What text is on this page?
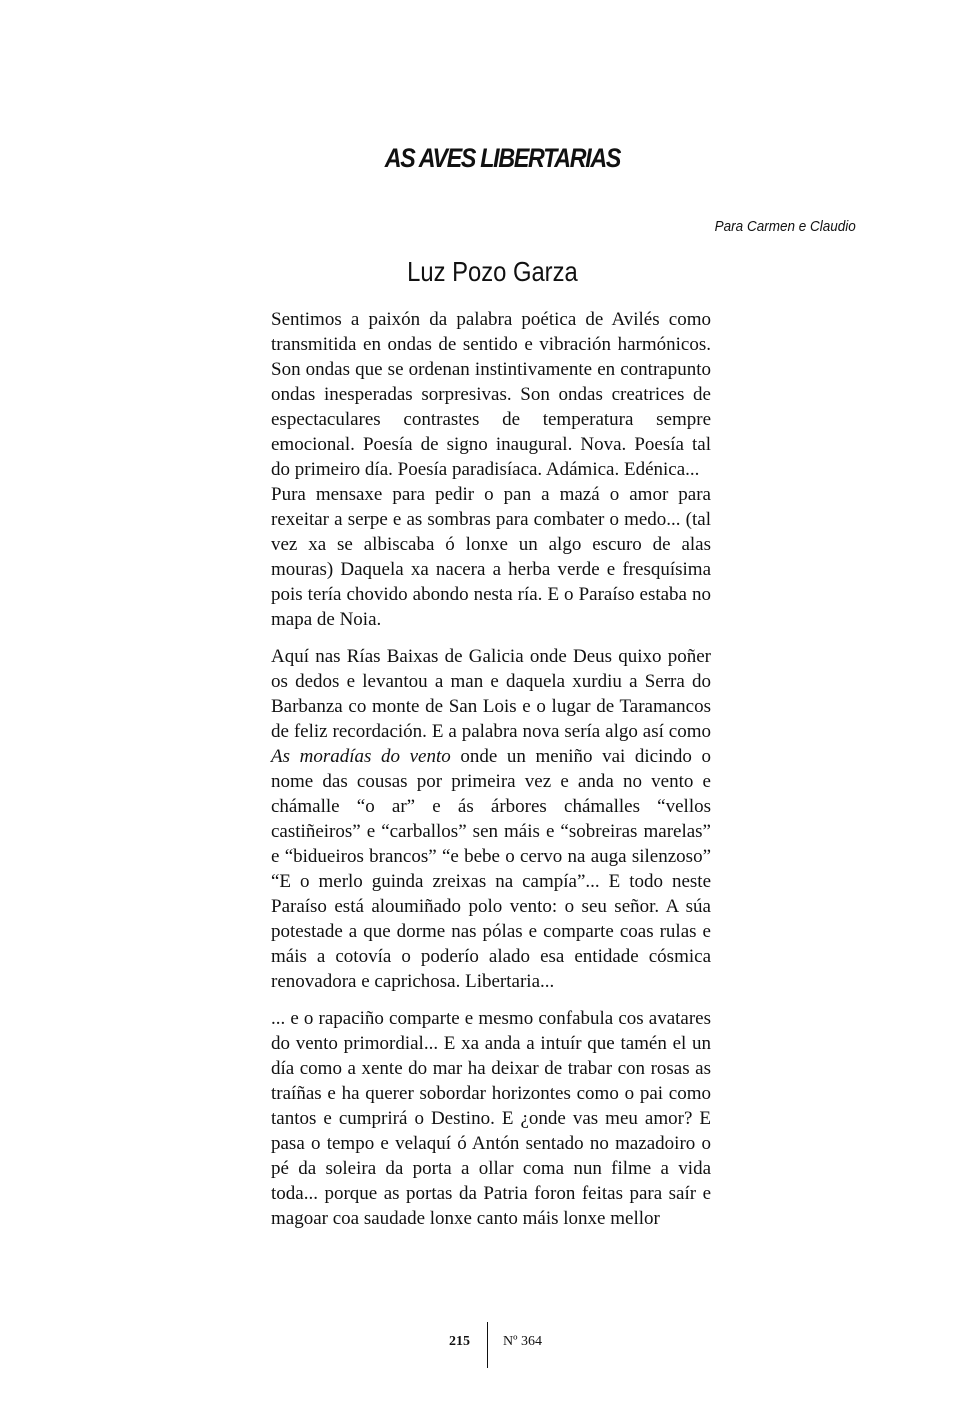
AS AVES LIBERTARIAS
Para Carmen e Claudio
Luz Pozo Garza

Sentimos a paixón da palabra poética de Avilés como transmitida en ondas de sentido e vibración harmónicos. Son ondas que se ordenan instintivamente en contrapunto ondas inesperadas sorpresivas. Son ondas creatrices de espectaculares contrastes de temperatura sempre emocional. Poesía de signo inaugural. Nova. Poesía tal do primeiro día. Poesía paradisíaca. Adámica. Edénica...

Pura mensaxe para pedir o pan a mazá o amor para rexeitar a serpe e as sombras para combater o medo... (tal vez xa se albiscaba ó lonxe un algo escuro de alas mouras) Daquela xa nacera a herba verde e fresquísima pois tería chovido abondo nesta ría. E o Paraíso estaba no mapa de Noia.

Aquí nas Rías Baixas de Galicia onde Deus quixo poñer os dedos e levantou a man e daquela xurdiu a Serra do Barbanza co monte de San Lois e o lugar de Taramancos de feliz recordación. E a palabra nova sería algo así como As moradías do vento onde un meniño vai dicindo o nome das cousas por primeira vez e anda no vento e chámalle “o ar” e ás árbores chámalles “vellos castiñeiros” e “carballos” sen máis e “sobreiras marelas” e “bidueiros brancos” “e bebe o cervo na auga silenzoso” “E o merlo guinda zreixas na campía”... E todo neste Paraíso está aloumiñado polo vento: o seu señor. A súa potestade a que dorme nas pólas e comparte coas rulas e máis a cotovía o poderío alado esa entidade cósmica renovadora e caprichosa. Libertaria...

... e o rapaciño comparte e mesmo confabula cos avatares do vento primordial... E xa anda a intuír que tamén el un día como a xente do mar ha deixar de trabar con rosas as traíñas e ha querer sobordar horizontes como o pai como tantos e cumprirá o Destino. E ¿onde vas meu amor? E pasa o tempo e velaquí ó Antón sentado no mazadoiro o pé da soleira da porta a ollar coma nun filme a vida toda... porque as portas da Patria foron feitas para saír e magoar coa saudade lonxe canto máis lonxe mellor

215 Nº 364
